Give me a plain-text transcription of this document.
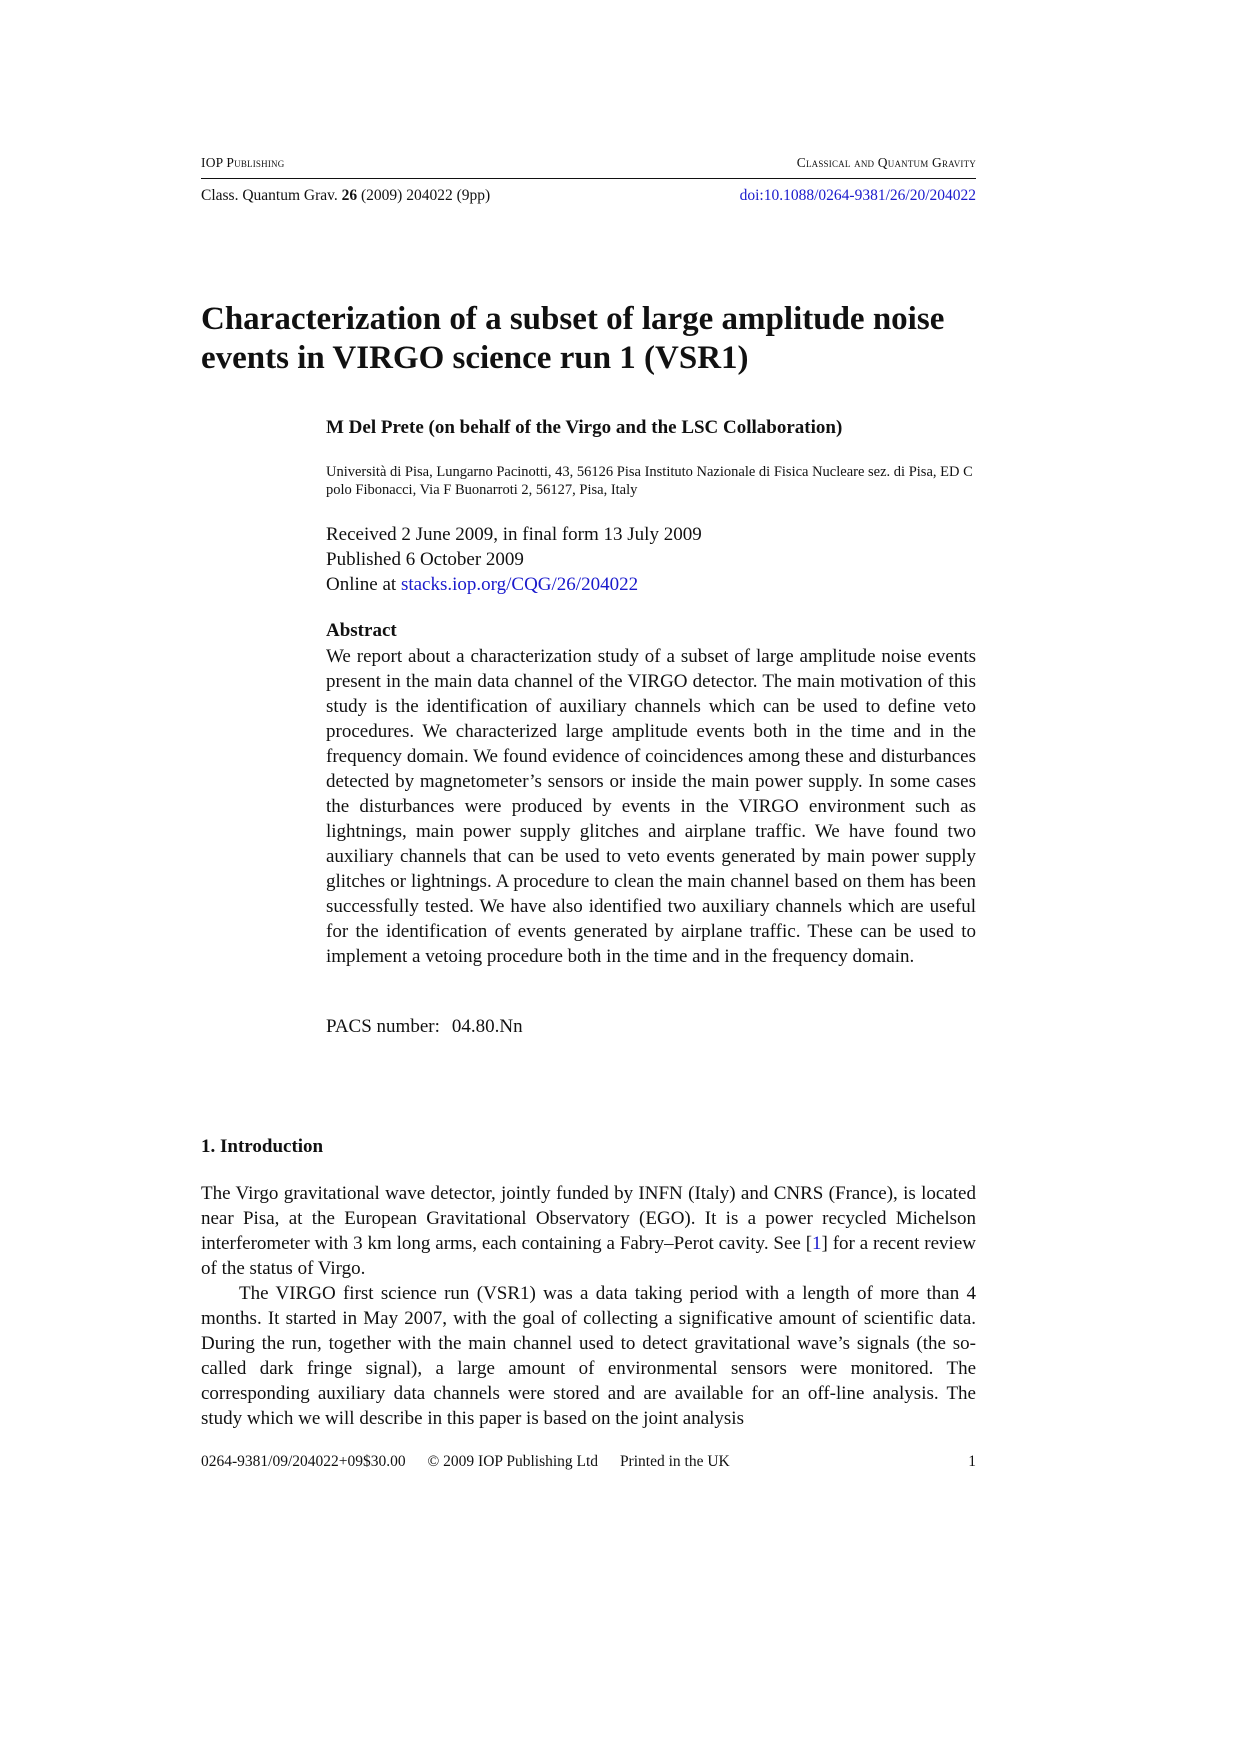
IOP Publishing	Classical and Quantum Gravity
Class. Quantum Grav. 26 (2009) 204022 (9pp)	doi:10.1088/0264-9381/26/20/204022
Characterization of a subset of large amplitude noise events in VIRGO science run 1 (VSR1)
M Del Prete (on behalf of the Virgo and the LSC Collaboration)
Università di Pisa, Lungarno Pacinotti, 43, 56126 Pisa Instituto Nazionale di Fisica Nucleare sez. di Pisa, ED C polo Fibonacci, Via F Buonarroti 2, 56127, Pisa, Italy
Received 2 June 2009, in final form 13 July 2009
Published 6 October 2009
Online at stacks.iop.org/CQG/26/204022
Abstract
We report about a characterization study of a subset of large amplitude noise events present in the main data channel of the VIRGO detector. The main motivation of this study is the identification of auxiliary channels which can be used to define veto procedures. We characterized large amplitude events both in the time and in the frequency domain. We found evidence of coincidences among these and disturbances detected by magnetometer’s sensors or inside the main power supply. In some cases the disturbances were produced by events in the VIRGO environment such as lightnings, main power supply glitches and airplane traffic. We have found two auxiliary channels that can be used to veto events generated by main power supply glitches or lightnings. A procedure to clean the main channel based on them has been successfully tested. We have also identified two auxiliary channels which are useful for the identification of events generated by airplane traffic. These can be used to implement a vetoing procedure both in the time and in the frequency domain.
PACS number: 04.80.Nn
1. Introduction

The Virgo gravitational wave detector, jointly funded by INFN (Italy) and CNRS (France), is located near Pisa, at the European Gravitational Observatory (EGO). It is a power recycled Michelson interferometer with 3 km long arms, each containing a Fabry–Perot cavity. See [1] for a recent review of the status of Virgo.

The VIRGO first science run (VSR1) was a data taking period with a length of more than 4 months. It started in May 2007, with the goal of collecting a significative amount of scientific data. During the run, together with the main channel used to detect gravitational wave’s signals (the so-called dark fringe signal), a large amount of environmental sensors were monitored. The corresponding auxiliary data channels were stored and are available for an off-line analysis. The study which we will describe in this paper is based on the joint analysis

0264-9381/09/204022+09$30.00 © 2009 IOP Publishing Ltd Printed in the UK	1
